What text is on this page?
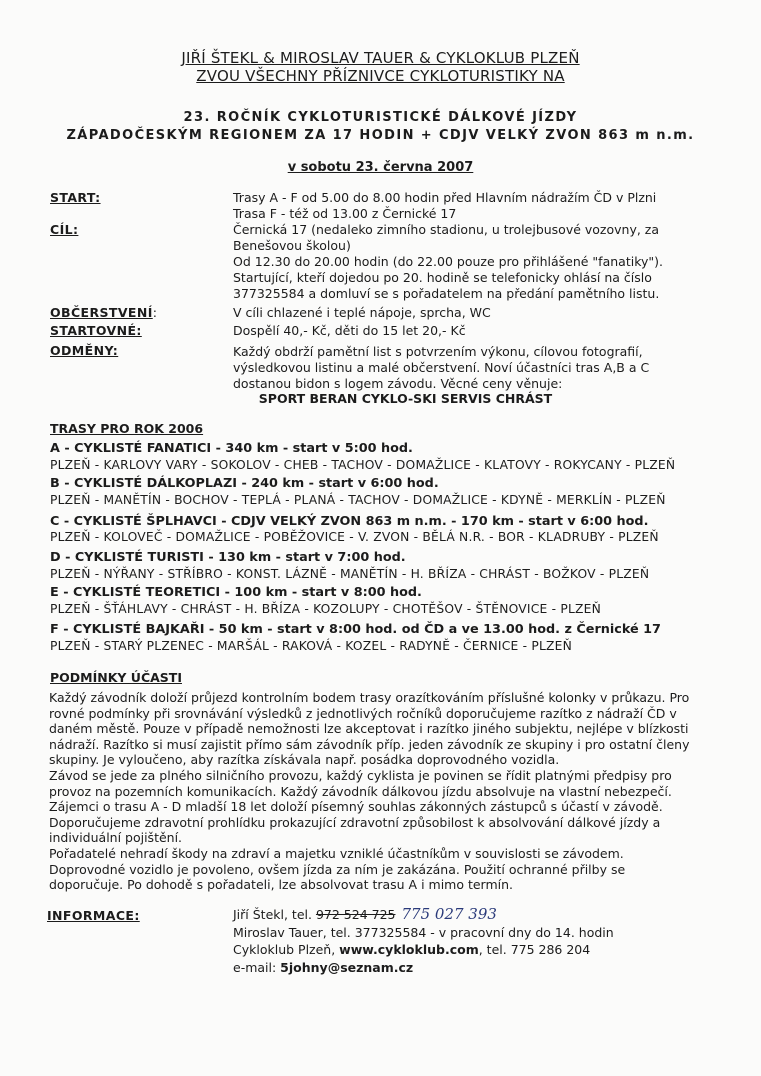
JIŘÍ ŠTEKL & MIROSLAV TAUER & CYKLOKLUB PLZEŇ
ZVOU VŠECHNY PŘÍZNIVCE CYKLOTURISTIKY NA
23. ROČNÍK CYKLOTURISTICKÉ DÁLKOVÉ JÍZDY
ZÁPADOČESKÝM REGIONEM ZA 17 HODIN + CDJV VELKÝ ZVON 863 m n.m.
v sobotu 23. června 2007
START:	Trasy A - F od 5.00 do 8.00 hodin před Hlavním nádražím ČD v Plzni
Trasa F - též od 13.00 z Černické 17
CÍL:	Černická 17 (nedaleko zimního stadionu, u trolejbusové vozovny, za
Benešovou školou)
Od 12.30 do 20.00 hodin (do 22.00 pouze pro přihlášené "fanatiky").
Startující, kteří dojedou po 20. hodině se telefonicky ohlásí na číslo
377325584 a domluví se s pořadatelem na předání pamětního listu.
OBČERSTVENÍ:	V cíli chlazené i teplé nápoje, sprcha, WC
STARTOVNÉ:	Dospělí 40,- Kč, děti do 15 let 20,- Kč
ODMĚNY:	Každý obdrží pamětní list s potvrzením výkonu, cílovou fotografií,
výsledkovou listinu a malé občerstvení. Noví účastníci tras A,B a C
dostanou bidon s logem závodu. Věcné ceny věnuje:
SPORT BERAN CYKLO-SKI SERVIS CHRÁST
TRASY PRO ROK 2006
A - CYKLISTÉ FANATICI - 340 km - start v 5:00 hod.
PLZEŇ - KARLOVY VARY - SOKOLOV - CHEB - TACHOV - DOMAŽLICE - KLATOVY - ROKYCANY - PLZEŇ
B - CYKLISTÉ DÁLKOPLAZI - 240 km - start v 6:00 hod.
PLZEŇ - MANĚTÍN - BOCHOV - TEPLÁ - PLANÁ - TACHOV - DOMAŽLICE - KDYNĚ - MERKLÍN - PLZEŇ
C - CYKLISTÉ ŠPLHAVCI - CDJV VELKÝ ZVON 863 m n.m. - 170 km - start v 6:00 hod.
PLZEŇ - KOLOVEČ - DOMAŽLICE - POBĚŽOVICE - V. ZVON - BĚLÁ N.R. - BOR - KLADRUBY - PLZEŇ
D - CYKLISTÉ TURISTI - 130 km - start v 7:00 hod.
PLZEŇ - NÝŘANY - STŘÍBRO - KONST. LÁZNĚ - MANĚTÍN - H. BŘÍZA - CHRÁST - BOŽKOV - PLZEŇ
E - CYKLISTÉ TEORETICI - 100 km - start v 8:00 hod.
PLZEŇ - ŠŤÁHLAVY - CHRÁST - H. BŘÍZA - KOZOLUPY - CHOTĚŠOV - ŠTĚNOVICE - PLZEŇ
F - CYKLISTÉ BAJKAŘI - 50 km - start v 8:00 hod. od ČD a ve 13.00 hod. z Černické 17
PLZEŇ - STARÝ PLZENEC - MARŠÁL - RAKOVÁ - KOZEL - RADYNĚ - ČERNICE - PLZEŇ
PODMÍNKY ÚČASTI
Každý závodník doloží průjezd kontrolním bodem trasy orazítkováním příslušné kolonky v průkazu. Pro
rovné podmínky při srovnávání výsledků z jednotlivých ročníků doporučujeme razítko z nádraží ČD v
daném městě. Pouze v případě nemožnosti lze akceptovat i razítko jiného subjektu, nejlépe v blízkosti
nádraží. Razítko si musí zajistit přímo sám závodník příp. jeden závodník ze skupiny i pro ostatní členy
skupiny. Je vyloučeno, aby razítka získávala např. posádka doprovodného vozidla.
Závod se jede za plného silničního provozu, každý cyklista je povinen se řídit platnými předpisy pro
provoz na pozemních komunikacích. Každý závodník dálkovou jízdu absolvuje na vlastní nebezpečí.
Zájemci o trasu A - D mladší 18 let doloží písemný souhlas zákonných zástupců s účastí v závodě.
Doporučujeme zdravotní prohlídku prokazující zdravotní způsobilost k absolvování dálkové jízdy a
individuální pojištění.
Pořadatelé nehradí škody na zdraví a majetku vzniklé účastníkům v souvislosti se závodem.
Doprovodné vozidlo je povoleno, ovšem jízda za ním je zakázána. Použití ochranné přilby se
doporučuje. Po dohodě s pořadateli, lze absolvovat trasu A i mimo termín.
INFORMACE:	Jiří Štekl, tel. 972 524 725 775 027 393
Miroslav Tauer, tel. 377325584 - v pracovní dny do 14. hodin
Cykloklub Plzeň, www.cykloklub.com, tel. 775 286 204
e-mail: 5johny@seznam.cz
